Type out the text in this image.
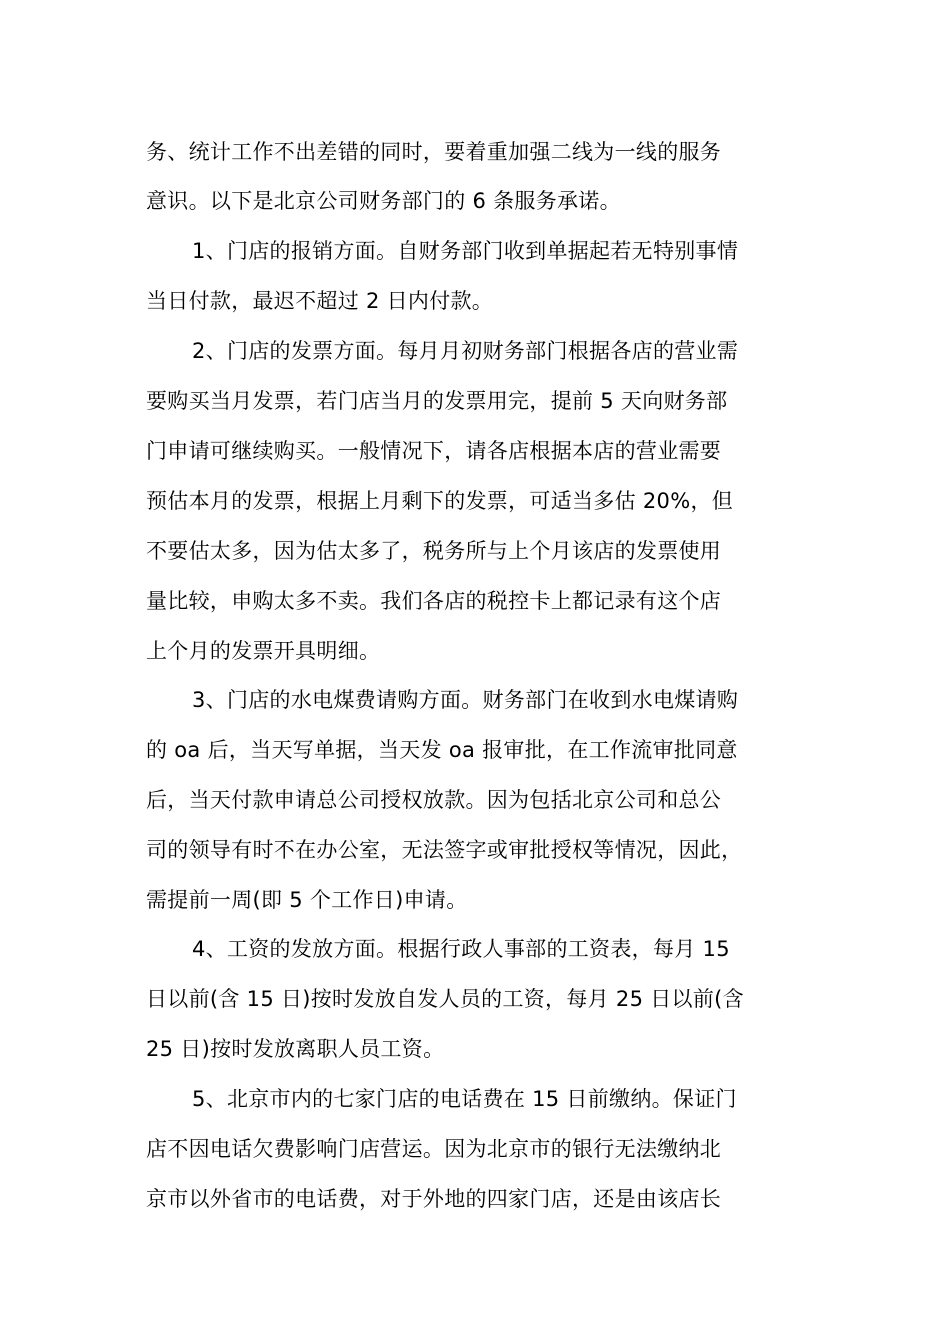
务、统计工作不出差错的同时，要着重加强二线为一线的服务
意识。以下是北京公司财务部门的 6 条服务承诺。
1、门店的报销方面。自财务部门收到单据起若无特别事情
当日付款，最迟不超过 2 日内付款。
2、门店的发票方面。每月月初财务部门根据各店的营业需
要购买当月发票，若门店当月的发票用完，提前 5 天向财务部
门申请可继续购买。一般情况下，请各店根据本店的营业需要
预估本月的发票，根据上月剩下的发票，可适当多估 20%，但
不要估太多，因为估太多了，税务所与上个月该店的发票使用
量比较，申购太多不卖。我们各店的税控卡上都记录有这个店
上个月的发票开具明细。
3、门店的水电煤费请购方面。财务部门在收到水电煤请购
的 oa 后，当天写单据，当天发 oa 报审批，在工作流审批同意
后，当天付款申请总公司授权放款。因为包括北京公司和总公
司的领导有时不在办公室，无法签字或审批授权等情况，因此，
需提前一周(即 5 个工作日)申请。
4、工资的发放方面。根据行政人事部的工资表，每月 15
日以前(含 15 日)按时发放自发人员的工资，每月 25 日以前(含
25 日)按时发放离职人员工资。
5、北京市内的七家门店的电话费在 15 日前缴纳。保证门
店不因电话欠费影响门店营运。因为北京市的银行无法缴纳北
京市以外省市的电话费，对于外地的四家门店，还是由该店长
